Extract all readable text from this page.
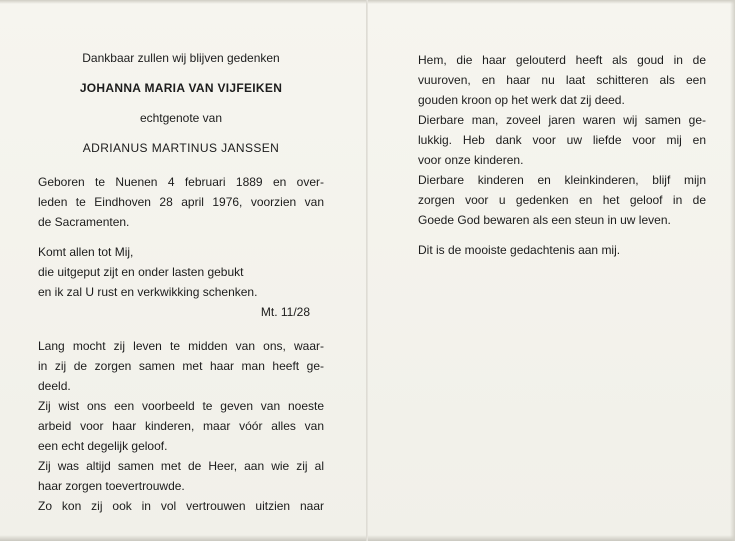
Dankbaar zullen wij blijven gedenken
JOHANNA MARIA VAN VIJFEIKEN
echtgenote van
ADRIANUS MARTINUS JANSSEN
Geboren te Nuenen 4 februari 1889 en over-
leden te Eindhoven 28 april 1976, voorzien van
de Sacramenten.
Komt allen tot Mij,
die uitgeput zijt en onder lasten gebukt
en ik zal U rust en verkwikking schenken.
Mt. 11/28
Lang mocht zij leven te midden van ons, waar-
in zij de zorgen samen met haar man heeft ge-
deeld.
Zij wist ons een voorbeeld te geven van noeste
arbeid voor haar kinderen, maar vóór alles van
een echt degelijk geloof.
Zij was altijd samen met de Heer, aan wie zij al
haar zorgen toevertrouwde.
Zo kon zij ook in vol vertrouwen uitzien naar
Hem, die haar gelouterd heeft als goud in de
vuuroven, en haar nu laat schitteren als een
gouden kroon op het werk dat zij deed.
Dierbare man, zoveel jaren waren wij samen ge-
lukkig. Heb dank voor uw liefde voor mij en
voor onze kinderen.
Dierbare kinderen en kleinkinderen, blijf mijn
zorgen voor u gedenken en het geloof in de
Goede God bewaren als een steun in uw leven.
Dit is de mooiste gedachtenis aan mij.
